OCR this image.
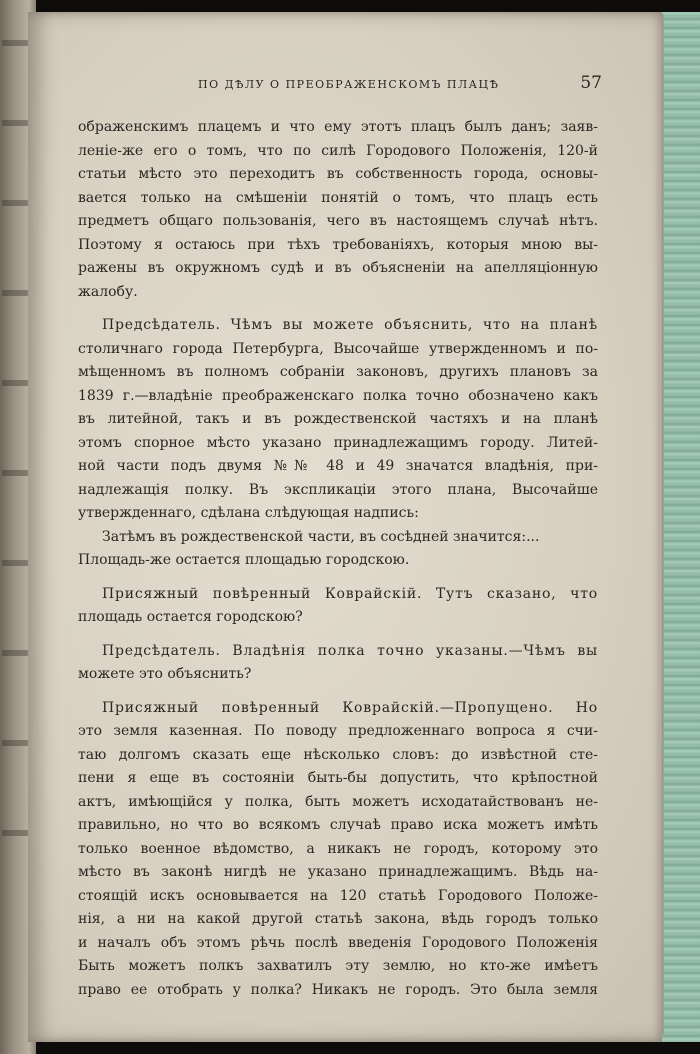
ПО ДѢЛУ О ПРЕОБРАЖЕНСКОМЪ ПЛАЦѢ	57
ображенскимъ плацемъ и что ему этотъ плацъ былъ данъ; заяв-
леніе-же его о томъ, что по силѣ Городового Положенія, 120-й
статьи мѣсто это переходитъ въ собственность города, основы-
вается только на смѣшеніи понятій о томъ, что плацъ есть
предметъ общаго пользованія, чего въ настоящемъ случаѣ нѣтъ.
Поэтому я остаюсь при тѣхъ требованіяхъ, которыя мною вы-
ражены въ окружномъ судѣ и въ объясненіи на апелляціонную
жалобу.
Предсѣдатель. Чѣмъ вы можете объяснить, что на планѣ
столичнаго города Петербурга, Высочайше утвержденномъ и по-
мѣщенномъ въ полномъ собраніи законовъ, другихъ плановъ за
1839 г.—владѣніе преображенскаго полка точно обозначено какъ
въ литейной, такъ и въ рождественской частяхъ и на планѣ
этомъ спорное мѣсто указано принадлежащимъ городу. Литей-
ной части подъ двумя №№ 48 и 49 значатся владѣнія, при-
надлежащія полку. Въ экспликаціи этого плана, Высочайше
утвержденнаго, сдѣлана слѣдующая надпись:
Затѣмъ въ рождественской части, въ сосѣдней значится:...
Площадь-же остается площадью городскою.
Присяжный повѣренный Коврайскій. Тутъ сказано, что
площадь остается городскою?
Предсѣдатель. Владѣнія полка точно указаны.—Чѣмъ вы
можете это объяснить?
Присяжный повѣренный Коврайскій.—Пропущено. Но
это земля казенная. По поводу предложеннаго вопроса я счи-
таю долгомъ сказать еще нѣсколько словъ: до извѣстной сте-
пени я еще въ состояніи быть-бы допустить, что крѣпостной
актъ, имѣющійся у полка, быть можетъ исходатайствованъ не-
правильно, но что во всякомъ случаѣ право иска можетъ имѣть
только военное вѣдомство, а никакъ не городъ, которому это
мѣсто въ законѣ нигдѣ не указано принадлежащимъ. Вѣдь на-
стоящій искъ основывается на 120 статьѣ Городового Положе-
нія, а ни на какой другой статьѣ закона, вѣдь городъ только
и началъ объ этомъ рѣчь послѣ введенія Городового Положенія
Быть можетъ полкъ захватилъ эту землю, но кто-же имѣетъ
право ее отобрать у полка? Никакъ не городъ. Это была земля
